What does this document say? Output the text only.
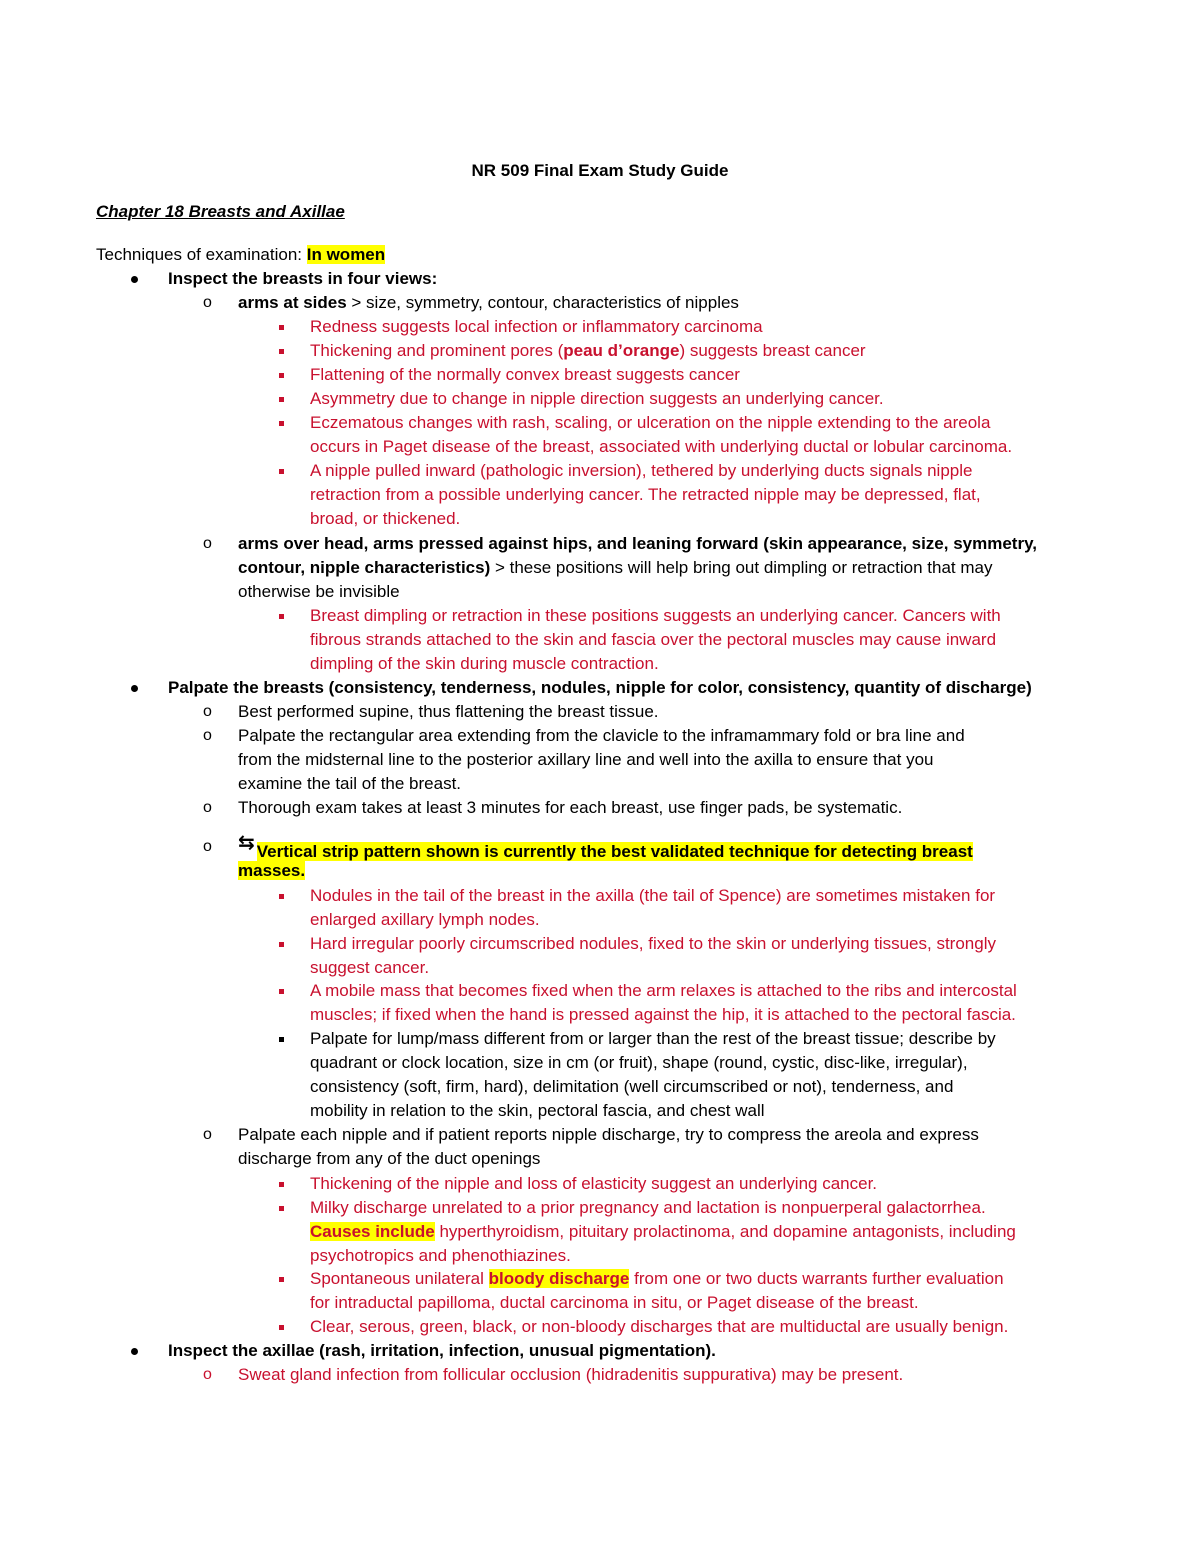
NR 509 Final Exam Study Guide
Chapter 18 Breasts and Axillae
Techniques of examination: In women
Inspect the breasts in four views:
o arms at sides > size, symmetry, contour, characteristics of nipples
Redness suggests local infection or inflammatory carcinoma
Thickening and prominent pores (peau d’orange) suggests breast cancer
Flattening of the normally convex breast suggests cancer
Asymmetry due to change in nipple direction suggests an underlying cancer.
Eczematous changes with rash, scaling, or ulceration on the nipple extending to the areola
occurs in Paget disease of the breast, associated with underlying ductal or lobular carcinoma.
A nipple pulled inward (pathologic inversion), tethered by underlying ducts signals nipple
retraction from a possible underlying cancer. The retracted nipple may be depressed, flat,
broad, or thickened.
o arms over head, arms pressed against hips, and leaning forward (skin appearance, size, symmetry,
contour, nipple characteristics) > these positions will help bring out dimpling or retraction that may
otherwise be invisible
Breast dimpling or retraction in these positions suggests an underlying cancer. Cancers with
fibrous strands attached to the skin and fascia over the pectoral muscles may cause inward
dimpling of the skin during muscle contraction.
Palpate the breasts (consistency, tenderness, nodules, nipple for color, consistency, quantity of discharge)
o Best performed supine, thus flattening the breast tissue.
o Palpate the rectangular area extending from the clavicle to the inframammary fold or bra line and
from the midsternal line to the posterior axillary line and well into the axilla to ensure that you
examine the tail of the breast.
o Thorough exam takes at least 3 minutes for each breast, use finger pads, be systematic.
o ⇆ Vertical strip pattern shown is currently the best validated technique for detecting breast
masses.
Nodules in the tail of the breast in the axilla (the tail of Spence) are sometimes mistaken for
enlarged axillary lymph nodes.
Hard irregular poorly circumscribed nodules, fixed to the skin or underlying tissues, strongly
suggest cancer.
A mobile mass that becomes fixed when the arm relaxes is attached to the ribs and intercostal
muscles; if fixed when the hand is pressed against the hip, it is attached to the pectoral fascia.
Palpate for lump/mass different from or larger than the rest of the breast tissue; describe by
quadrant or clock location, size in cm (or fruit), shape (round, cystic, disc-like, irregular),
consistency (soft, firm, hard), delimitation (well circumscribed or not), tenderness, and
mobility in relation to the skin, pectoral fascia, and chest wall
o Palpate each nipple and if patient reports nipple discharge, try to compress the areola and express
discharge from any of the duct openings
Thickening of the nipple and loss of elasticity suggest an underlying cancer.
Milky discharge unrelated to a prior pregnancy and lactation is nonpuerperal galactorrhea.
Causes include hyperthyroidism, pituitary prolactinoma, and dopamine antagonists, including
psychotropics and phenothiazines.
Spontaneous unilateral bloody discharge from one or two ducts warrants further evaluation
for intraductal papilloma, ductal carcinoma in situ, or Paget disease of the breast.
Clear, serous, green, black, or non-bloody discharges that are multiductal are usually benign.
Inspect the axillae (rash, irritation, infection, unusual pigmentation).
o Sweat gland infection from follicular occlusion (hidradenitis suppurativa) may be present.
